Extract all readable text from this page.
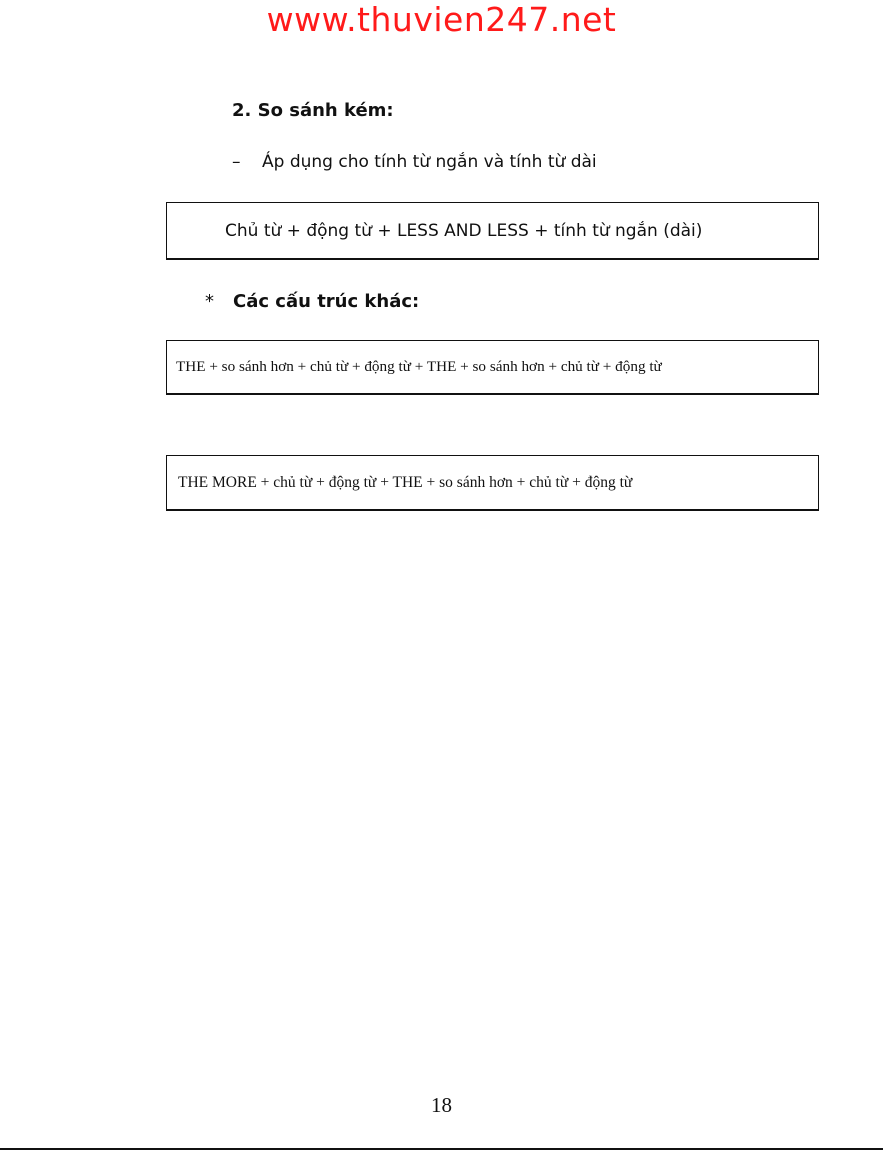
www.thuvien247.net
2. So sánh kém:
– Áp dụng cho tính từ ngắn và tính từ dài
Chủ từ + động từ + LESS AND LESS + tính từ ngắn (dài)
* Các cấu trúc khác:
THE + so sánh hơn + chủ từ + động từ + THE + so sánh hơn + chủ từ + động từ
THE MORE + chủ từ + động từ + THE + so sánh hơn + chủ từ + động từ
18
